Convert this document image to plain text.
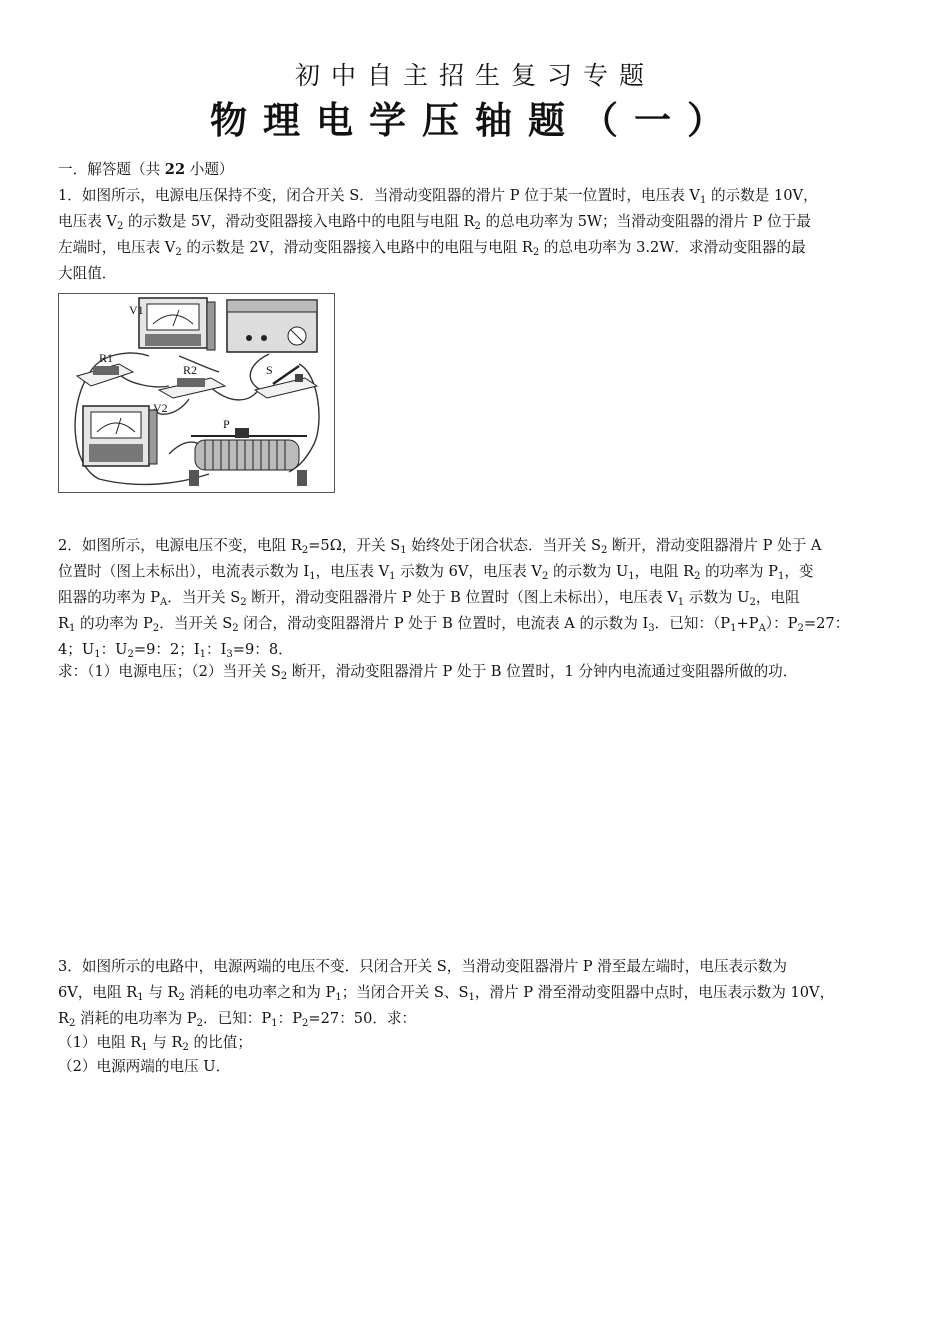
初中自主招生复习专题
物理电学压轴题（一）

一．解答题（共 22 小题）

1．如图所示，电源电压保持不变，闭合开关 S．当滑动变阻器的滑片 P 位于某一位置时，电压表 $V_1$ 的示数是 10V，

电压表 $V_2$ 的示数是 5V，滑动变阻器接入电路中的电阻与电阻 $R_2$ 的总电功率为 5W；当滑动变阻器的滑片 P 位于最

左端时，电压表 $V_2$ 的示数是 2V，滑动变阻器接入电路中的电阻与电阻 $R_2$ 的总电功率为 3.2W．求滑动变阻器的最

大阻值．

V1
R1
R2	S
V2
P

2．如图所示，电源电压不变，电阻 $R_2=5\Omega$，开关 $S_1$ 始终处于闭合状态．当开关 $S_2$ 断开，滑动变阻器滑片 P 处于 A

位置时（图上未标出），电流表示数为 $I_1$，电压表 $V_1$ 示数为 6V，电压表 $V_2$ 的示数为 $U_1$，电阻 $R_2$ 的功率为 $P_1$，变

阻器的功率为 $P_A$．当开关 $S_2$ 断开，滑动变阻器滑片 P 处于 B 位置时（图上未标出），电压表 $V_1$ 示数为 $U_2$，电阻

$R_1$ 的功率为 $P_2$．当开关 $S_2$ 闭合，滑动变阻器滑片 P 处于 B 位置时，电流表 A 的示数为 $I_3$．已知：$(P_1+P_A)$：$P_2=27$：

4；$U_1$：$U_2=9$：2；$I_1$：$I_3=9$：8．

求：（1）电源电压；（2）当开关 $S_2$ 断开，滑动变阻器滑片 P 处于 B 位置时，1 分钟内电流通过变阻器所做的功．

3．如图所示的电路中，电源两端的电压不变．只闭合开关 S，当滑动变阻器滑片 P 滑至最左端时，电压表示数为

6V，电阻 $R_1$ 与 $R_2$ 消耗的电功率之和为 $P_1$；当闭合开关 S、$S_1$，滑片 P 滑至滑动变阻器中点时，电压表示数为 10V，

$R_2$ 消耗的电功率为 $P_2$．已知：$P_1$：$P_2=27$：50．求：

（1）电阻 $R_1$ 与 $R_2$ 的比值；

（2）电源两端的电压 U．
